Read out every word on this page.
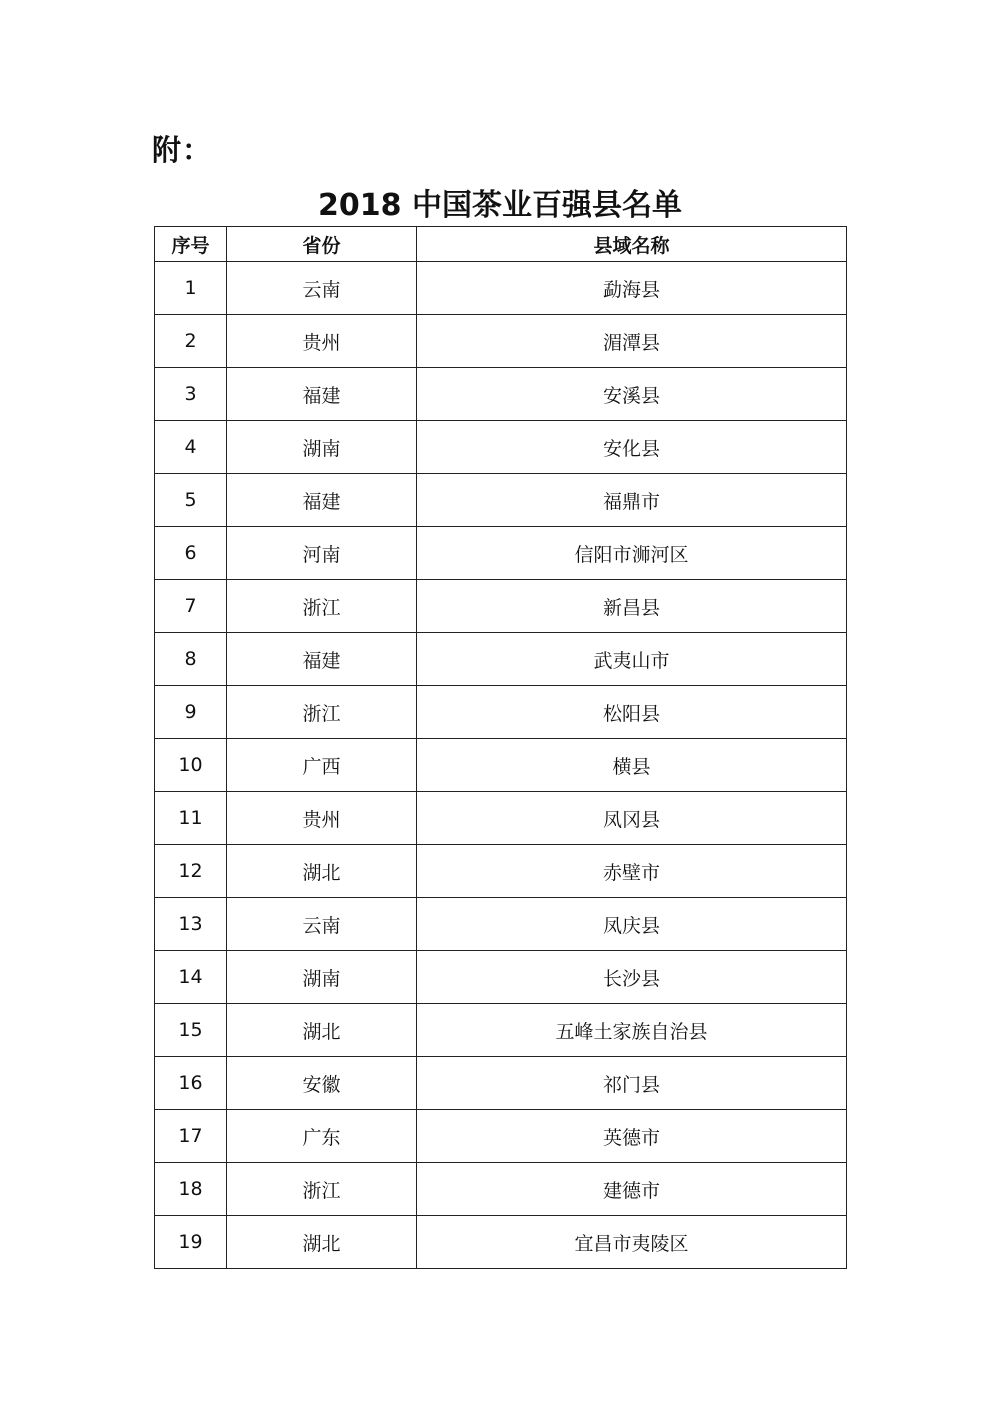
附：
2018 中国茶业百强县名单
序号	省份	县域名称
1	云南	勐海县
2	贵州	湄潭县
3	福建	安溪县
4	湖南	安化县
5	福建	福鼎市
6	河南	信阳市浉河区
7	浙江	新昌县
8	福建	武夷山市
9	浙江	松阳县
10	广西	横县
11	贵州	凤冈县
12	湖北	赤壁市
13	云南	凤庆县
14	湖南	长沙县
15	湖北	五峰土家族自治县
16	安徽	祁门县
17	广东	英德市
18	浙江	建德市
19	湖北	宜昌市夷陵区
